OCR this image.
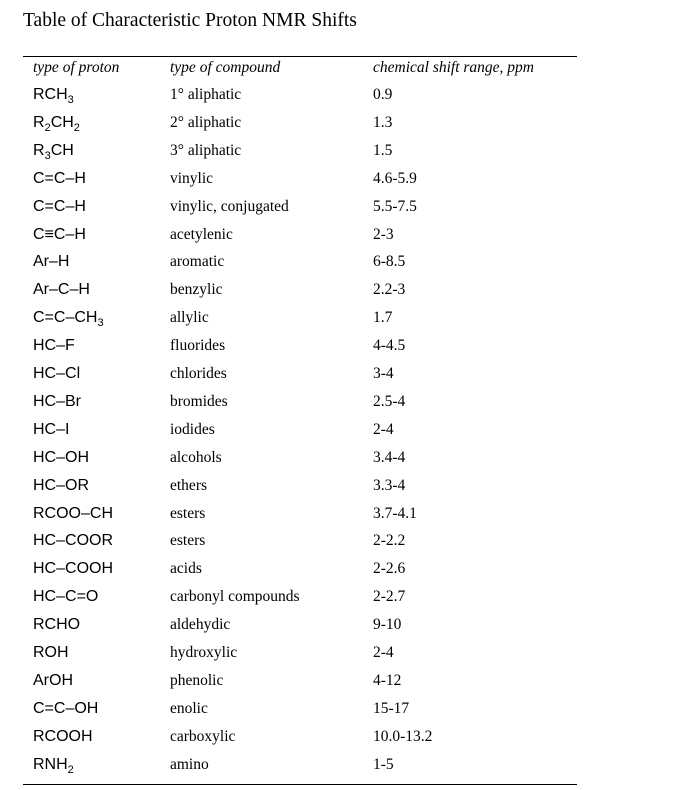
Table of Characteristic Proton NMR Shifts
type of proton	type of compound	chemical shift range, ppm
$RCH_3$	1° aliphatic	0.9
$R_2CH_2$	2° aliphatic	1.3
$R_3CH$	3° aliphatic	1.5
C=C–H	vinylic	4.6-5.9
C=C–H	vinylic, conjugated	5.5-7.5
C≡C–H	acetylenic	2-3
Ar–H	aromatic	6-8.5
Ar–C–H	benzylic	2.2-3
$C=C-CH_3$	allylic	1.7
HC–F	fluorides	4-4.5
HC–Cl	chlorides	3-4
HC–Br	bromides	2.5-4
HC–I	iodides	2-4
HC–OH	alcohols	3.4-4
HC–OR	ethers	3.3-4
RCOO–CH	esters	3.7-4.1
HC–COOR	esters	2-2.2
HC–COOH	acids	2-2.6
HC–C=O	carbonyl compounds	2-2.7
RCHO	aldehydic	9-10
ROH	hydroxylic	2-4
ArOH	phenolic	4-12
C=C–OH	enolic	15-17
RCOOH	carboxylic	10.0-13.2
$RNH_2$	amino	1-5
